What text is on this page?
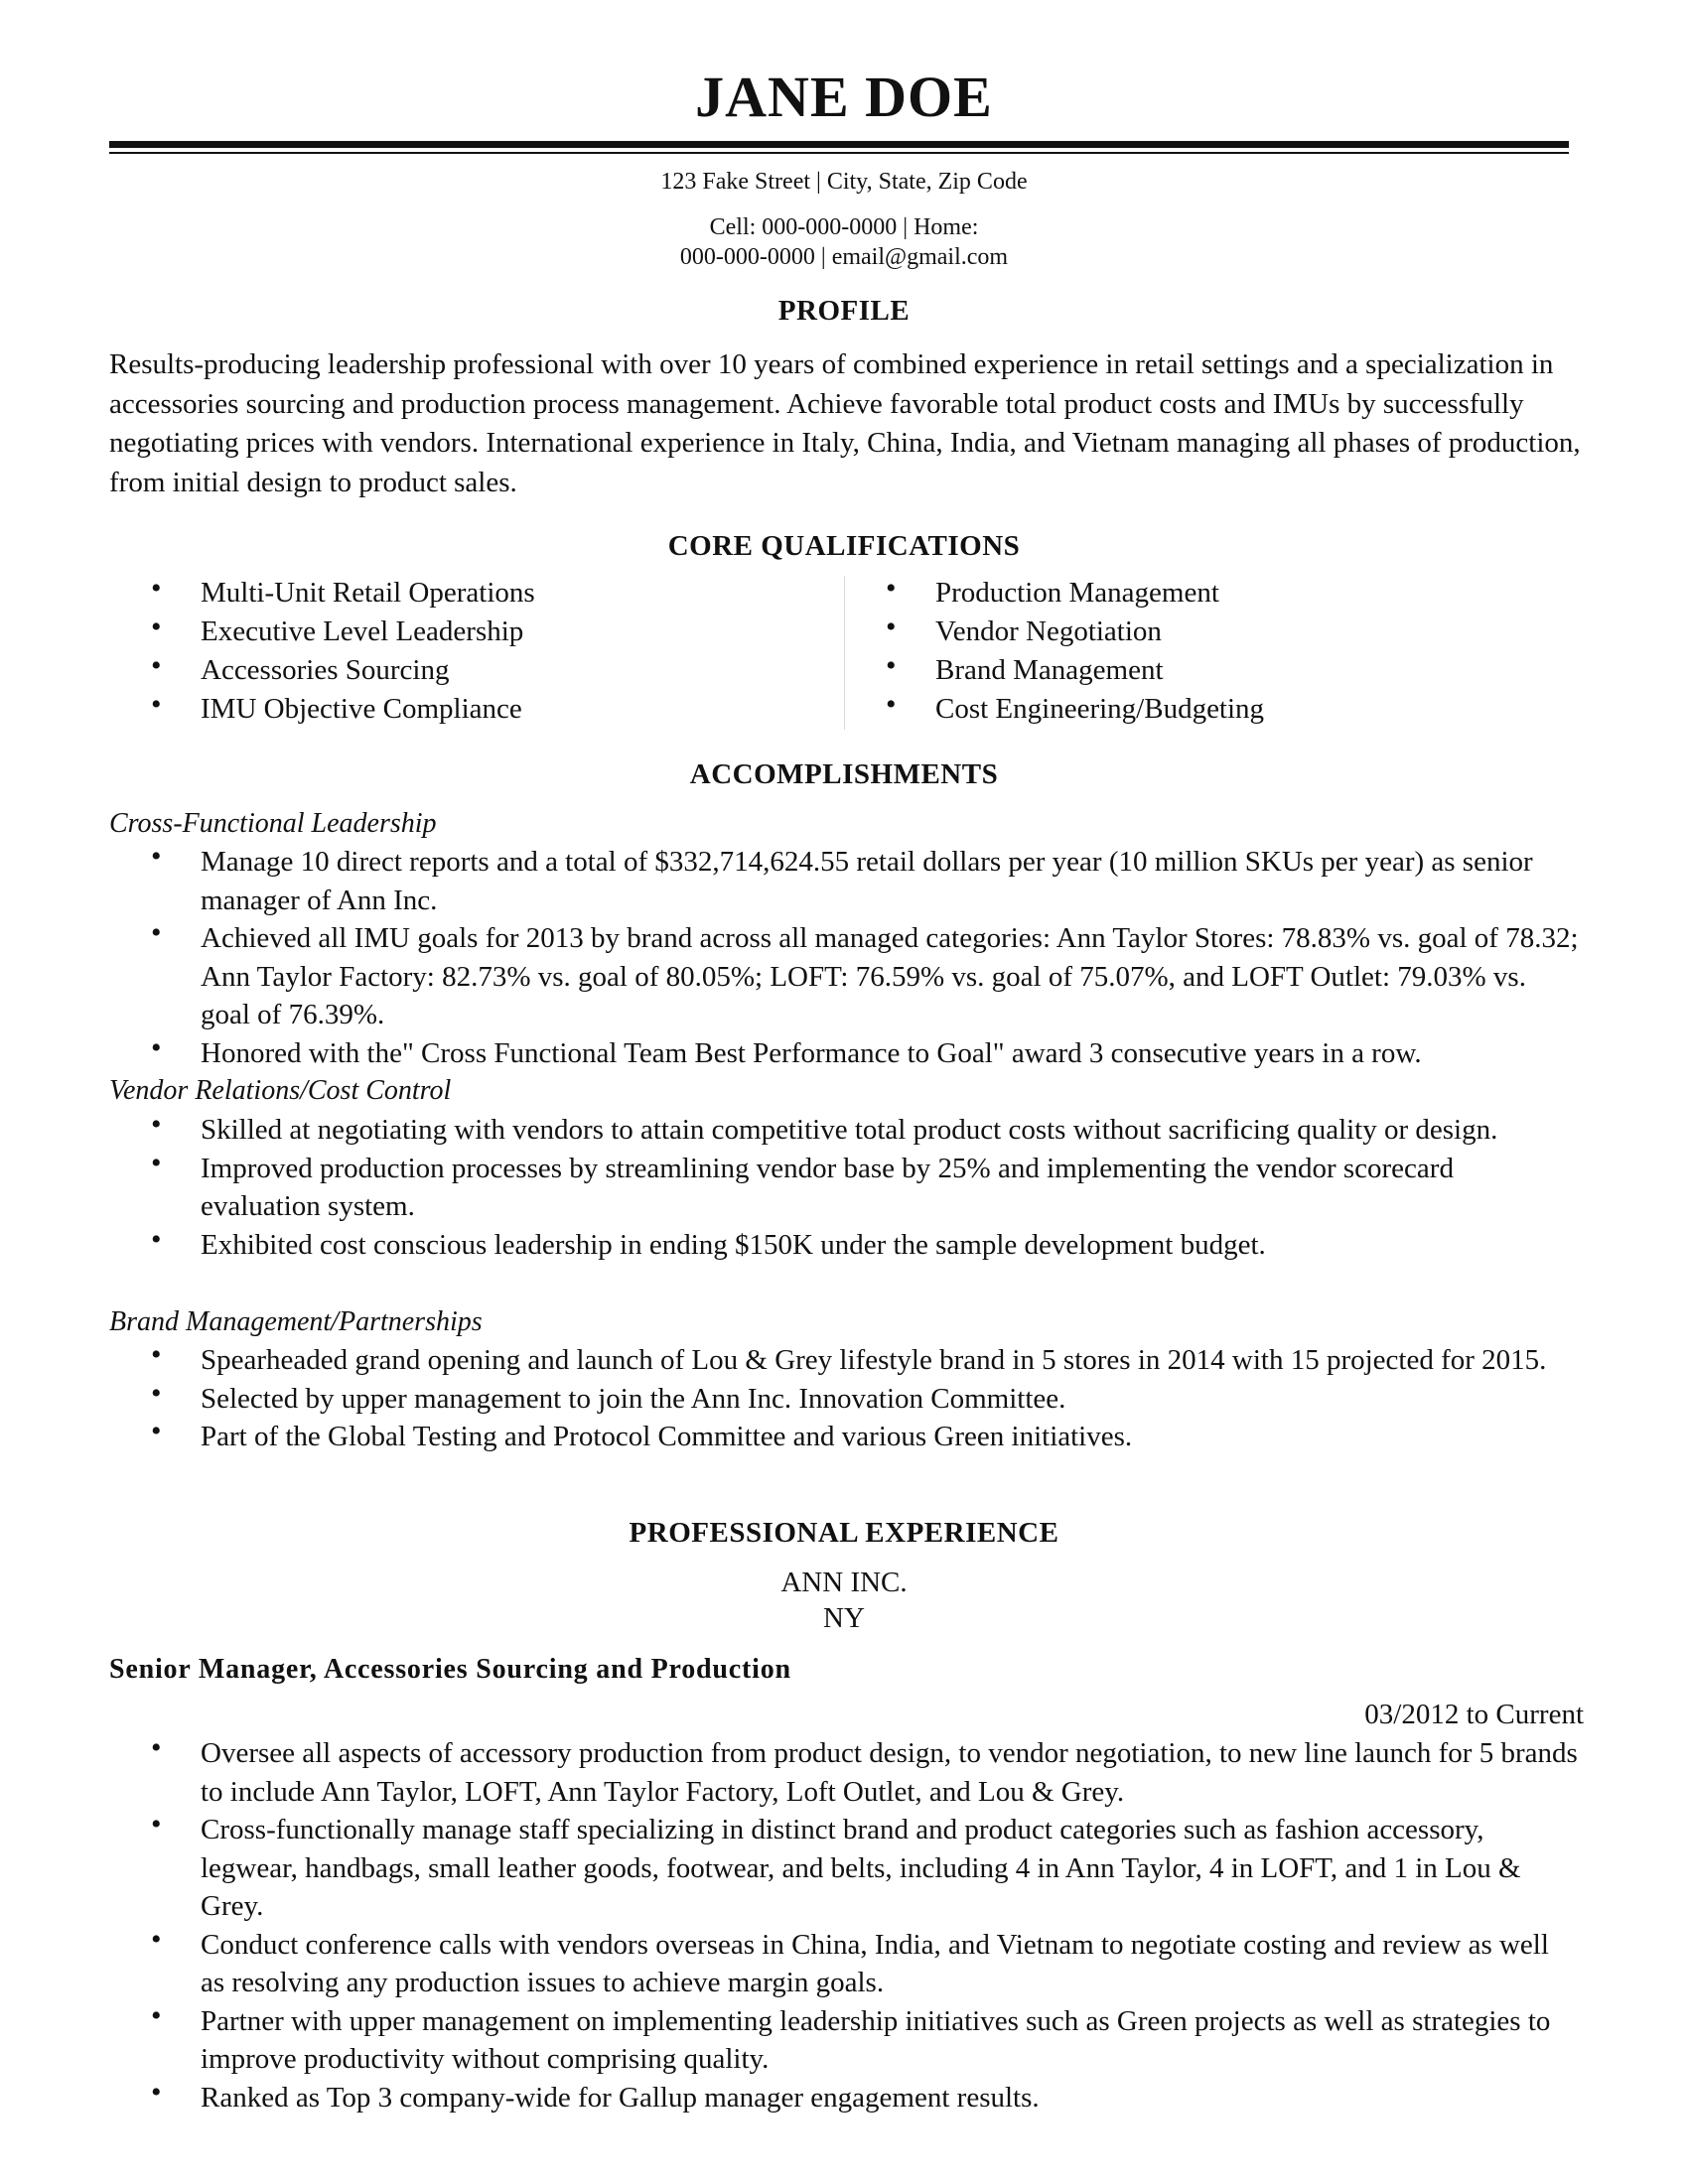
JANE DOE
123 Fake Street | City, State, Zip Code
Cell: 000-000-0000 | Home:
000-000-0000 | email@gmail.com
PROFILE
Results-producing leadership professional with over 10 years of combined experience in retail settings and a specialization in accessories sourcing and production process management. Achieve favorable total product costs and IMUs by successfully negotiating prices with vendors. International experience in Italy, China, India, and Vietnam managing all phases of production, from initial design to product sales.
CORE QUALIFICATIONS
• Multi-Unit Retail Operations
• Executive Level Leadership
• Accessories Sourcing
• IMU Objective Compliance
• Production Management
• Vendor Negotiation
• Brand Management
• Cost Engineering/Budgeting
ACCOMPLISHMENTS
Cross-Functional Leadership
• Manage 10 direct reports and a total of $332,714,624.55 retail dollars per year (10 million SKUs per year) as senior manager of Ann Inc.
• Achieved all IMU goals for 2013 by brand across all managed categories: Ann Taylor Stores: 78.83% vs. goal of 78.32; Ann Taylor Factory: 82.73% vs. goal of 80.05%; LOFT: 76.59% vs. goal of 75.07%, and LOFT Outlet: 79.03% vs. goal of 76.39%.
• Honored with the" Cross Functional Team Best Performance to Goal" award 3 consecutive years in a row.
Vendor Relations/Cost Control
• Skilled at negotiating with vendors to attain competitive total product costs without sacrificing quality or design.
• Improved production processes by streamlining vendor base by 25% and implementing the vendor scorecard evaluation system.
• Exhibited cost conscious leadership in ending $150K under the sample development budget.
Brand Management/Partnerships
• Spearheaded grand opening and launch of Lou & Grey lifestyle brand in 5 stores in 2014 with 15 projected for 2015.
• Selected by upper management to join the Ann Inc. Innovation Committee.
• Part of the Global Testing and Protocol Committee and various Green initiatives.
PROFESSIONAL EXPERIENCE
ANN INC.
NY
Senior Manager, Accessories Sourcing and Production
03/2012 to Current
• Oversee all aspects of accessory production from product design, to vendor negotiation, to new line launch for 5 brands to include Ann Taylor, LOFT, Ann Taylor Factory, Loft Outlet, and Lou & Grey.
• Cross-functionally manage staff specializing in distinct brand and product categories such as fashion accessory, legwear, handbags, small leather goods, footwear, and belts, including 4 in Ann Taylor, 4 in LOFT, and 1 in Lou & Grey.
• Conduct conference calls with vendors overseas in China, India, and Vietnam to negotiate costing and review as well as resolving any production issues to achieve margin goals.
• Partner with upper management on implementing leadership initiatives such as Green projects as well as strategies to improve productivity without comprising quality.
• Ranked as Top 3 company-wide for Gallup manager engagement results.
